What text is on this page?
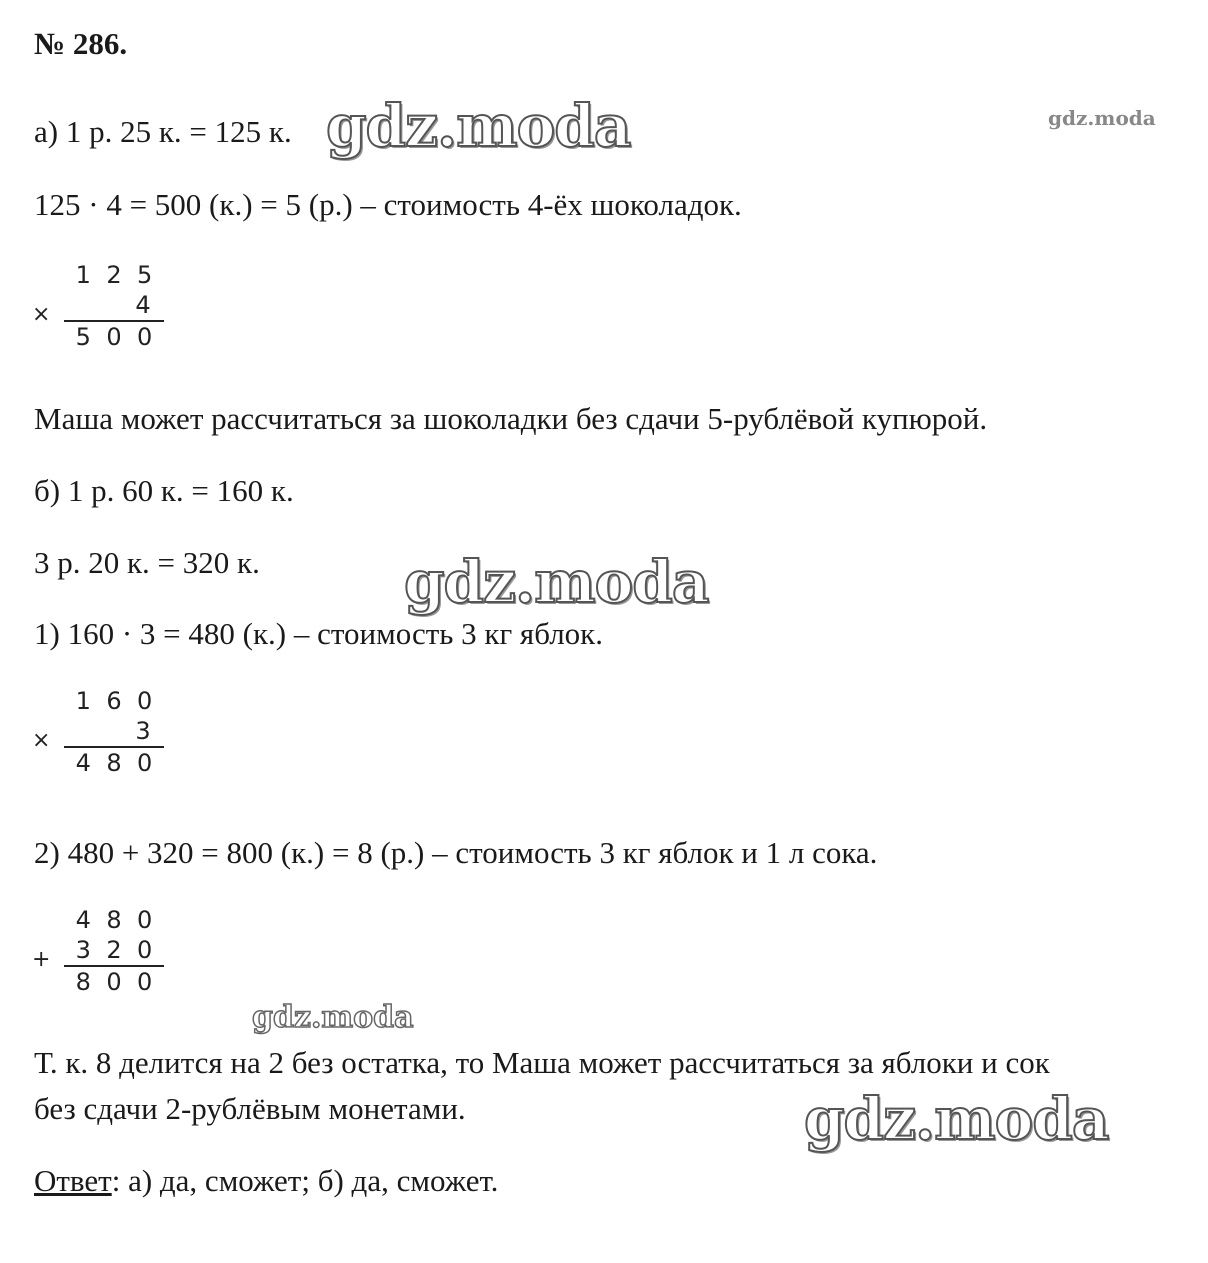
№ 286.
а) 1 р. 25 к. = 125 к.
125 · 4 = 500 (к.) = 5 (р.) – стоимость 4-ёх шоколадок.
×
1 2 5
4
5 0 0
Маша может рассчитаться за шоколадки без сдачи 5-рублёвой купюрой.
б) 1 р. 60 к. = 160 к.
3 р. 20 к. = 320 к.
1) 160 · 3 = 480 (к.) – стоимость 3 кг яблок.
×
1 6 0
3
4 8 0
2) 480 + 320 = 800 (к.) = 8 (р.) – стоимость 3 кг яблок и 1 л сока.
+
4 8 0
3 2 0
8 0 0
Т. к. 8 делится на 2 без остатка, то Маша может рассчитаться за яблоки и сок
без сдачи 2-рублёвым монетами.
Ответ: а) да, сможет; б) да, сможет.
gdz.moda	gdz.moda
gdz.moda
gdz.moda
gdz.moda
